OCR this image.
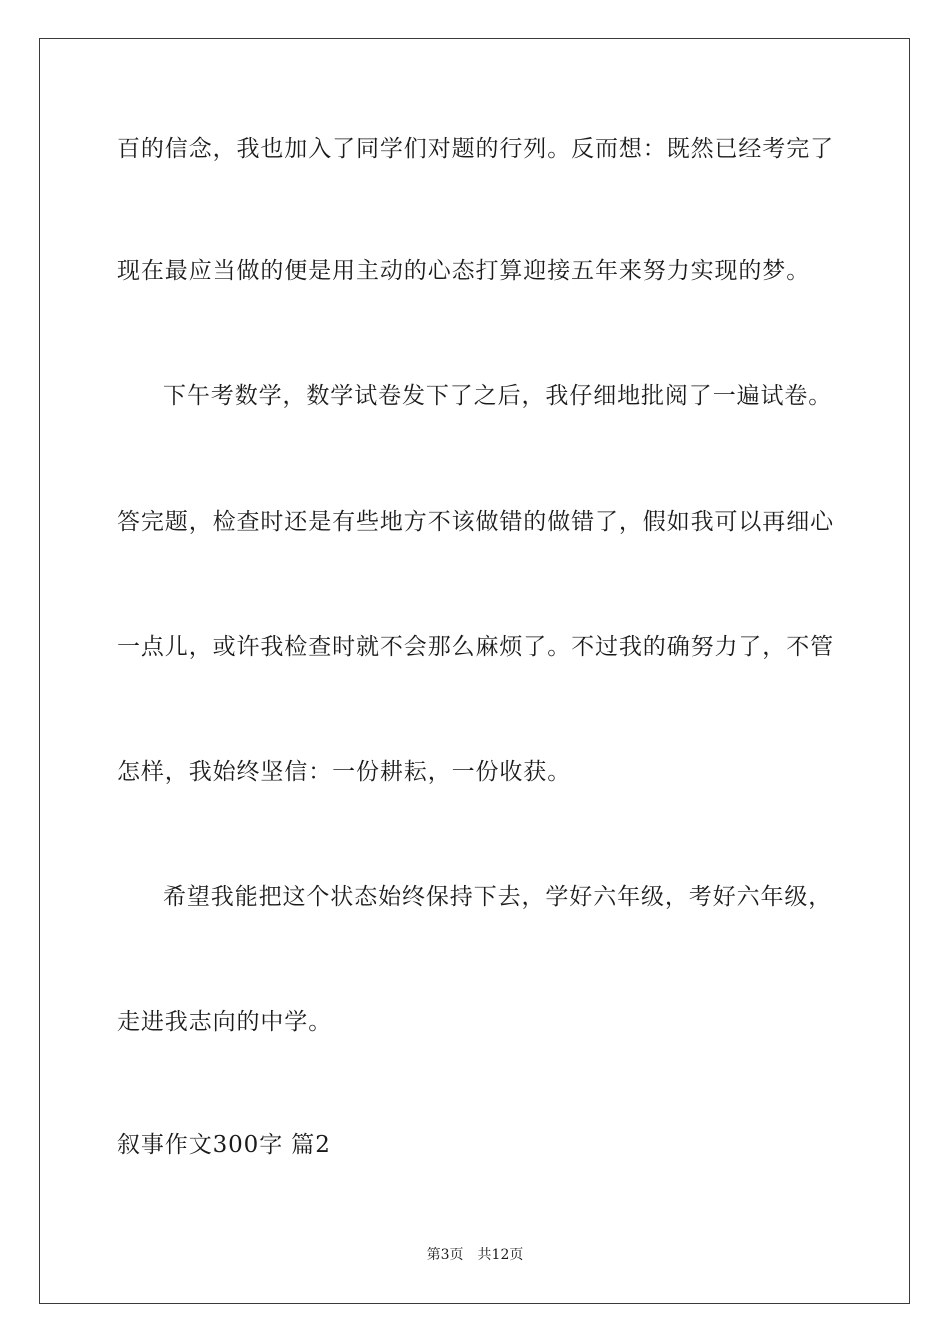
百的信念，我也加入了同学们对题的行列。反而想：既然已经考完了
现在最应当做的便是用主动的心态打算迎接五年来努力实现的梦。
下午考数学，数学试卷发下了之后，我仔细地批阅了一遍试卷。
答完题，检查时还是有些地方不该做错的做错了，假如我可以再细心
一点儿，或许我检查时就不会那么麻烦了。不过我的确努力了，不管
怎样，我始终坚信：一份耕耘，一份收获。
希望我能把这个状态始终保持下去，学好六年级，考好六年级，
走进我志向的中学。
叙事作文300字 篇2
第3页 共12页
